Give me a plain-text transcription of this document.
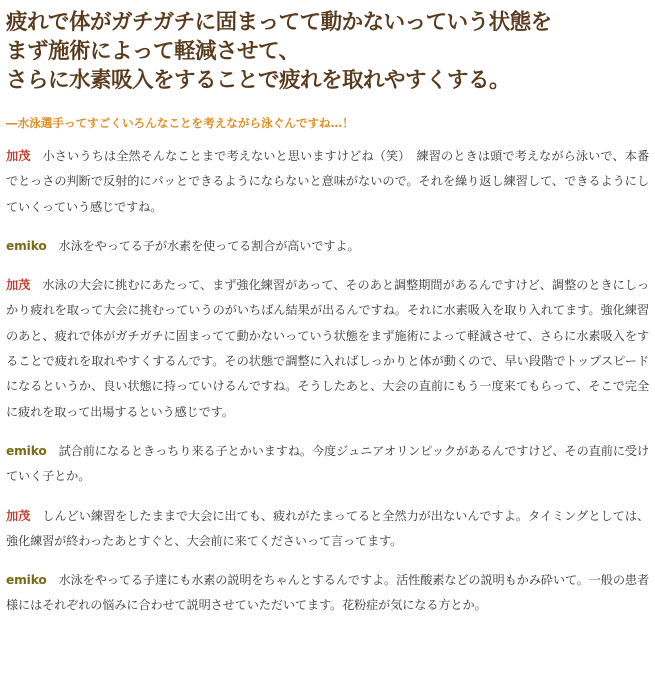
疲れで体がガチガチに固まってて動かないっていう状態を
まず施術によって軽減させて、
さらに水素吸入をすることで疲れを取れやすくする。

―水泳選手ってすごくいろんなことを考えながら泳ぐんですね…！

加茂 小さいうちは全然そんなことまで考えないと思いますけどね（笑）　練習のときは頭で考えながら泳いで、本番でとっさの判断で反射的にパッとできるようにならないと意味がないので。それを繰り返し練習して、できるようにしていくっていう感じですね。

emiko 水泳をやってる子が水素を使ってる割合が高いですよ。

加茂 水泳の大会に挑むにあたって、まず強化練習があって、そのあと調整期間があるんですけど、調整のときにしっかり疲れを取って大会に挑むっていうのがいちばん結果が出るんですね。それに水素吸入を取り入れてます。強化練習のあと、疲れで体がガチガチに固まってて動かないっていう状態をまず施術によって軽減させて、さらに水素吸入をすることで疲れを取れやすくするんです。その状態で調整に入ればしっかりと体が動くので、早い段階でトップスピードになるというか、良い状態に持っていけるんですね。そうしたあと、大会の直前にもう一度来てもらって、そこで完全に疲れを取って出場するという感じです。

emiko 試合前になるときっちり来る子とかいますね。今度ジュニアオリンピックがあるんですけど、その直前に受けていく子とか。

加茂 しんどい練習をしたままで大会に出ても、疲れがたまってると全然力が出ないんですよ。タイミングとしては、強化練習が終わったあとすぐと、大会前に来てくださいって言ってます。

emiko 水泳をやってる子達にも水素の説明をちゃんとするんですよ。活性酸素などの説明もかみ砕いて。一般の患者様にはそれぞれの悩みに合わせて説明させていただいてます。花粉症が気になる方とか。
